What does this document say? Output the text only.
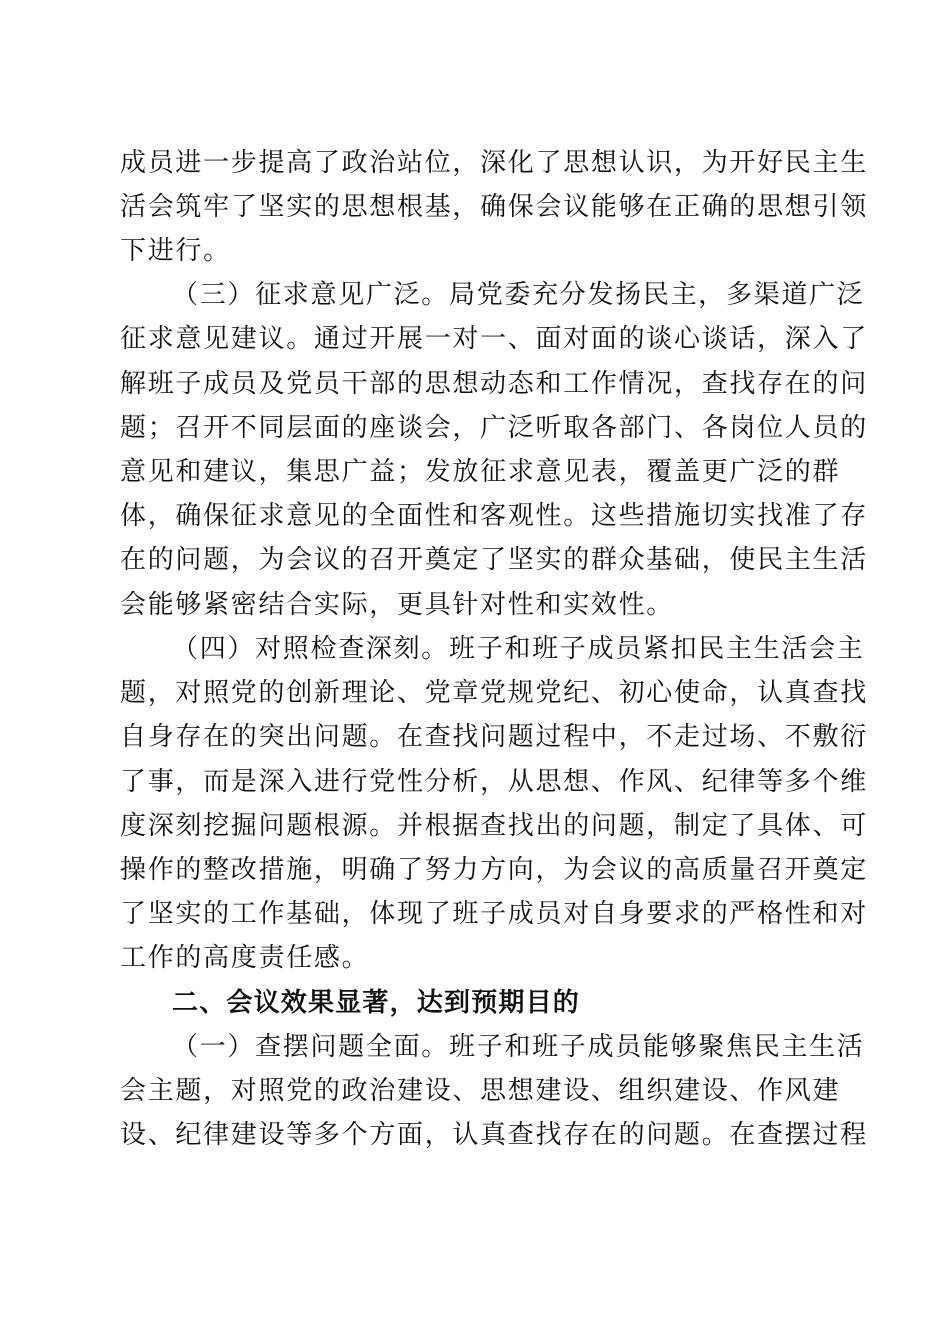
成员进一步提高了政治站位，深化了思想认识，为开好民主生
活会筑牢了坚实的思想根基，确保会议能够在正确的思想引领
下进行。
（三）征求意见广泛。局党委充分发扬民主，多渠道广泛
征求意见建议。通过开展一对一、面对面的谈心谈话，深入了
解班子成员及党员干部的思想动态和工作情况，查找存在的问
题；召开不同层面的座谈会，广泛听取各部门、各岗位人员的
意见和建议，集思广益；发放征求意见表，覆盖更广泛的群
体，确保征求意见的全面性和客观性。这些措施切实找准了存
在的问题，为会议的召开奠定了坚实的群众基础，使民主生活
会能够紧密结合实际，更具针对性和实效性。
（四）对照检查深刻。班子和班子成员紧扣民主生活会主
题，对照党的创新理论、党章党规党纪、初心使命，认真查找
自身存在的突出问题。在查找问题过程中，不走过场、不敷衍
了事，而是深入进行党性分析，从思想、作风、纪律等多个维
度深刻挖掘问题根源。并根据查找出的问题，制定了具体、可
操作的整改措施，明确了努力方向，为会议的高质量召开奠定
了坚实的工作基础，体现了班子成员对自身要求的严格性和对
工作的高度责任感。
二、会议效果显著，达到预期目的
（一）查摆问题全面。班子和班子成员能够聚焦民主生活
会主题，对照党的政治建设、思想建设、组织建设、作风建
设、纪律建设等多个方面，认真查找存在的问题。在查摆过程
